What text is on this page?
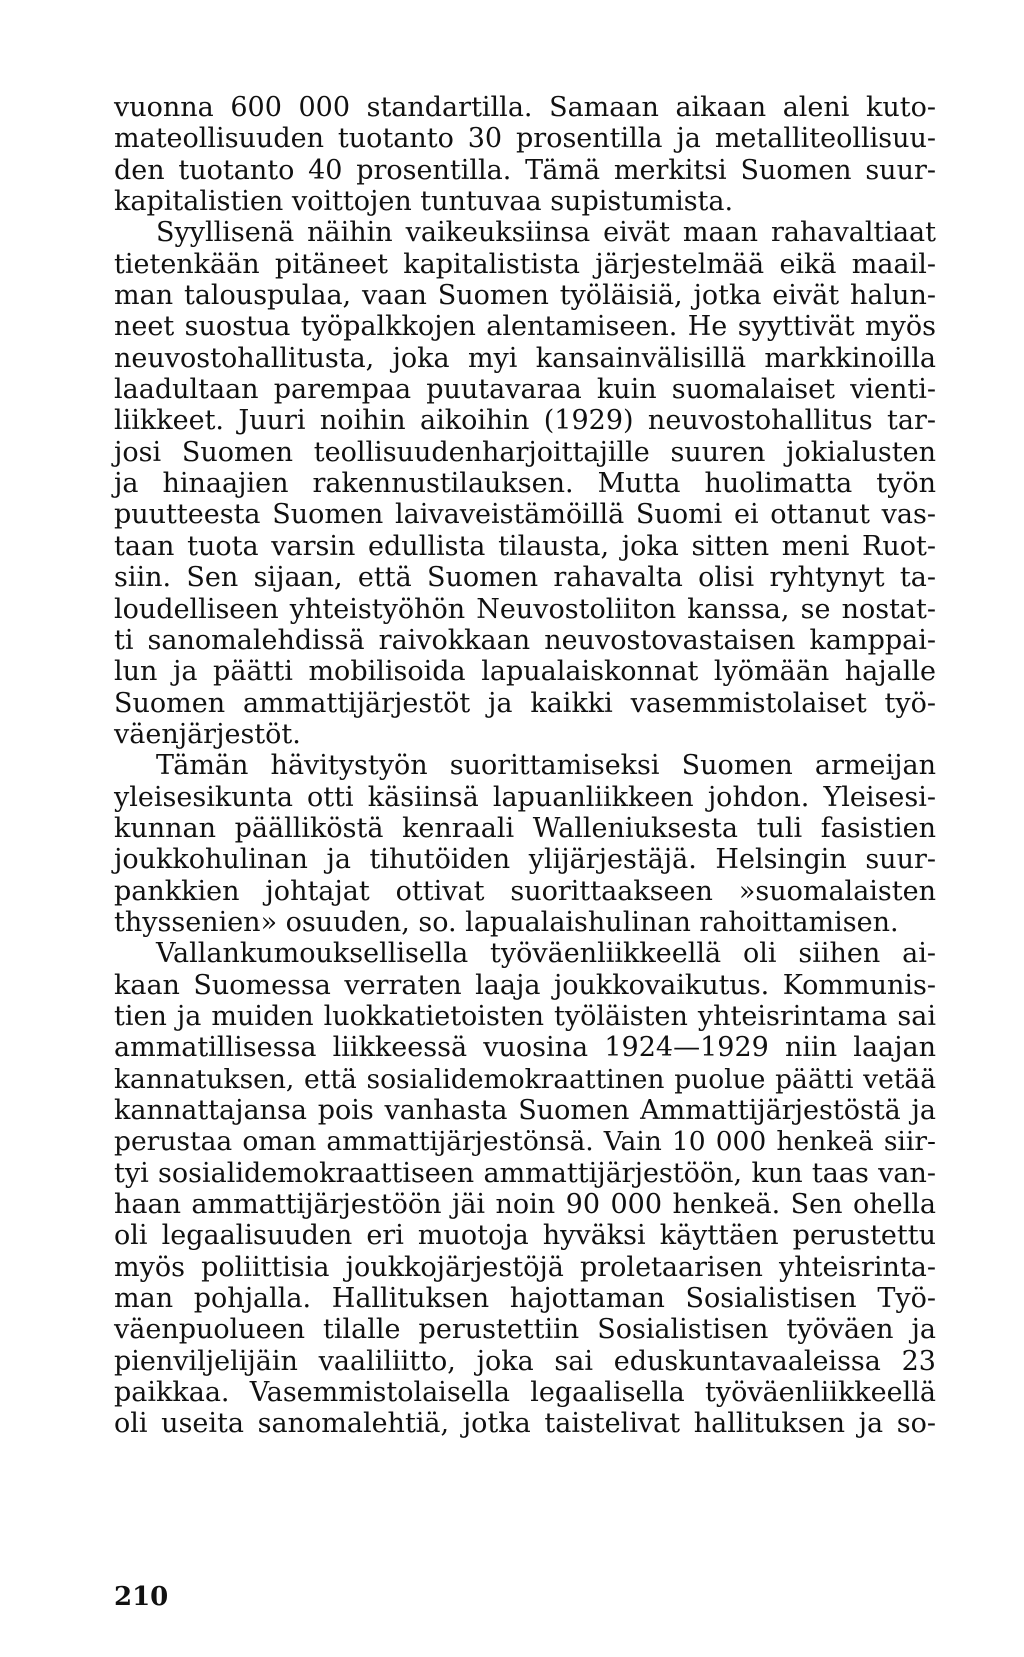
vuonna 600 000 standartilla. Samaan aikaan aleni kuto-
mateollisuuden tuotanto 30 prosentilla ja metalliteollisuu-
den tuotanto 40 prosentilla. Tämä merkitsi Suomen suur-
kapitalistien voittojen tuntuvaa supistumista.
Syyllisenä näihin vaikeuksiinsa eivät maan rahavaltiaat
tietenkään pitäneet kapitalistista järjestelmää eikä maail-
man talouspulaa, vaan Suomen työläisiä, jotka eivät halun-
neet suostua työpalkkojen alentamiseen. He syyttivät myös
neuvostohallitusta, joka myi kansainvälisillä markkinoilla
laadultaan parempaa puutavaraa kuin suomalaiset vienti-
liikkeet. Juuri noihin aikoihin (1929) neuvostohallitus tar-
josi Suomen teollisuudenharjoittajille suuren jokialusten
ja hinaajien rakennustilauksen. Mutta huolimatta työn
puutteesta Suomen laivaveistämöillä Suomi ei ottanut vas-
taan tuota varsin edullista tilausta, joka sitten meni Ruot-
siin. Sen sijaan, että Suomen rahavalta olisi ryhtynyt ta-
loudelliseen yhteistyöhön Neuvostoliiton kanssa, se nostat-
ti sanomalehdissä raivokkaan neuvostovastaisen kamppai-
lun ja päätti mobilisoida lapualaiskonnat lyömään hajalle
Suomen ammattijärjestöt ja kaikki vasemmistolaiset työ-
väenjärjestöt.
Tämän hävitystyön suorittamiseksi Suomen armeijan
yleisesikunta otti käsiinsä lapuanliikkeen johdon. Yleisesi-
kunnan päälliköstä kenraali Walleniuksesta tuli fasistien
joukkohulinan ja tihutöiden ylijärjestäjä. Helsingin suur-
pankkien johtajat ottivat suorittaakseen »suomalaisten
thyssenien» osuuden, so. lapualaishulinan rahoittamisen.
Vallankumouksellisella työväenliikkeellä oli siihen ai-
kaan Suomessa verraten laaja joukkovaikutus. Kommunis-
tien ja muiden luokkatietoisten työläisten yhteisrintama sai
ammatillisessa liikkeessä vuosina 1924—1929 niin laajan
kannatuksen, että sosialidemokraattinen puolue päätti vetää
kannattajansa pois vanhasta Suomen Ammattijärjestöstä ja
perustaa oman ammattijärjestönsä. Vain 10 000 henkeä siir-
tyi sosialidemokraattiseen ammattijärjestöön, kun taas van-
haan ammattijärjestöön jäi noin 90 000 henkeä. Sen ohella
oli legaalisuuden eri muotoja hyväksi käyttäen perustettu
myös poliittisia joukkojärjestöjä proletaarisen yhteisrinta-
man pohjalla. Hallituksen hajottaman Sosialistisen Työ-
väenpuolueen tilalle perustettiin Sosialistisen työväen ja
pienviljelijäin vaaliliitto, joka sai eduskuntavaaleissa 23
paikkaa. Vasemmistolaisella legaalisella työväenliikkeellä
oli useita sanomalehtiä, jotka taistelivat hallituksen ja so-
210
